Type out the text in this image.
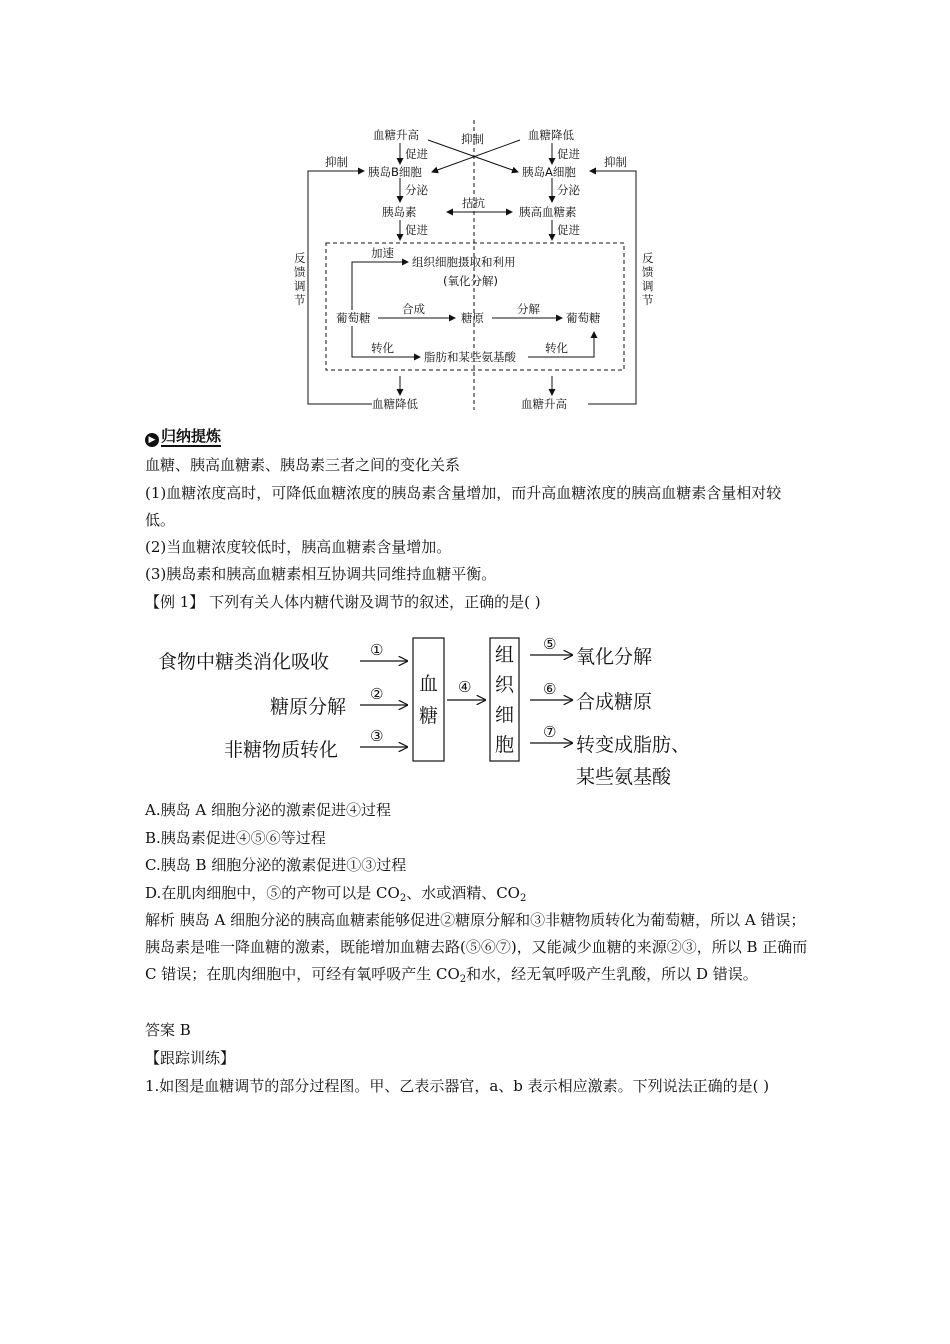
血糖升高	血糖降低
抑制
促进	促进
胰岛B细胞	胰岛A细胞
抑制	抑制
分泌	分泌
胰岛素
拮抗
胰高血糖素
促进	促进
加速
组织细胞摄取和利用
(氧化分解)
葡萄糖
合成
糖原
分解
葡萄糖
转化
脂肪和某些氨基酸
转化
血糖降低	血糖升高
反馈调节
反馈调节
▶ 归纳提炼
血糖、胰高血糖素、胰岛素三者之间的变化关系
(1)血糖浓度高时，可降低血糖浓度的胰岛素含量增加，而升高血糖浓度的胰高血糖素含量相对较低。
(2)当血糖浓度较低时，胰高血糖素含量增加。
(3)胰岛素和胰高血糖素相互协调共同维持血糖平衡。
【例 1】 下列有关人体内糖代谢及调节的叙述，正确的是( )
食物中糖类消化吸收
糖原分解
非糖物质转化
氧化分解
合成糖原
转变成脂肪、
某些氨基酸
血
糖
组
织
细
胞
①
②
③
④
⑤
⑥
⑦
A.胰岛 A 细胞分泌的激素促进④过程
B.胰岛素促进④⑤⑥等过程
C.胰岛 B 细胞分泌的激素促进①③过程
D.在肌肉细胞中，⑤的产物可以是 $CO_2$、水或酒精、$CO_2$
解析 胰岛 A 细胞分泌的胰高血糖素能够促进②糖原分解和③非糖物质转化为葡萄糖，所以 A 错误；胰岛素是唯一降血糖的激素，既能增加血糖去路(⑤⑥⑦)，又能减少血糖的来源②③，所以 B 正确而 C 错误；在肌肉细胞中，可经有氧呼吸产生 $CO_2$和水，经无氧呼吸产生乳酸，所以 D 错误。
答案 B
【跟踪训练】
1.如图是血糖调节的部分过程图。甲、乙表示器官，a、b 表示相应激素。下列说法正确的是( )
